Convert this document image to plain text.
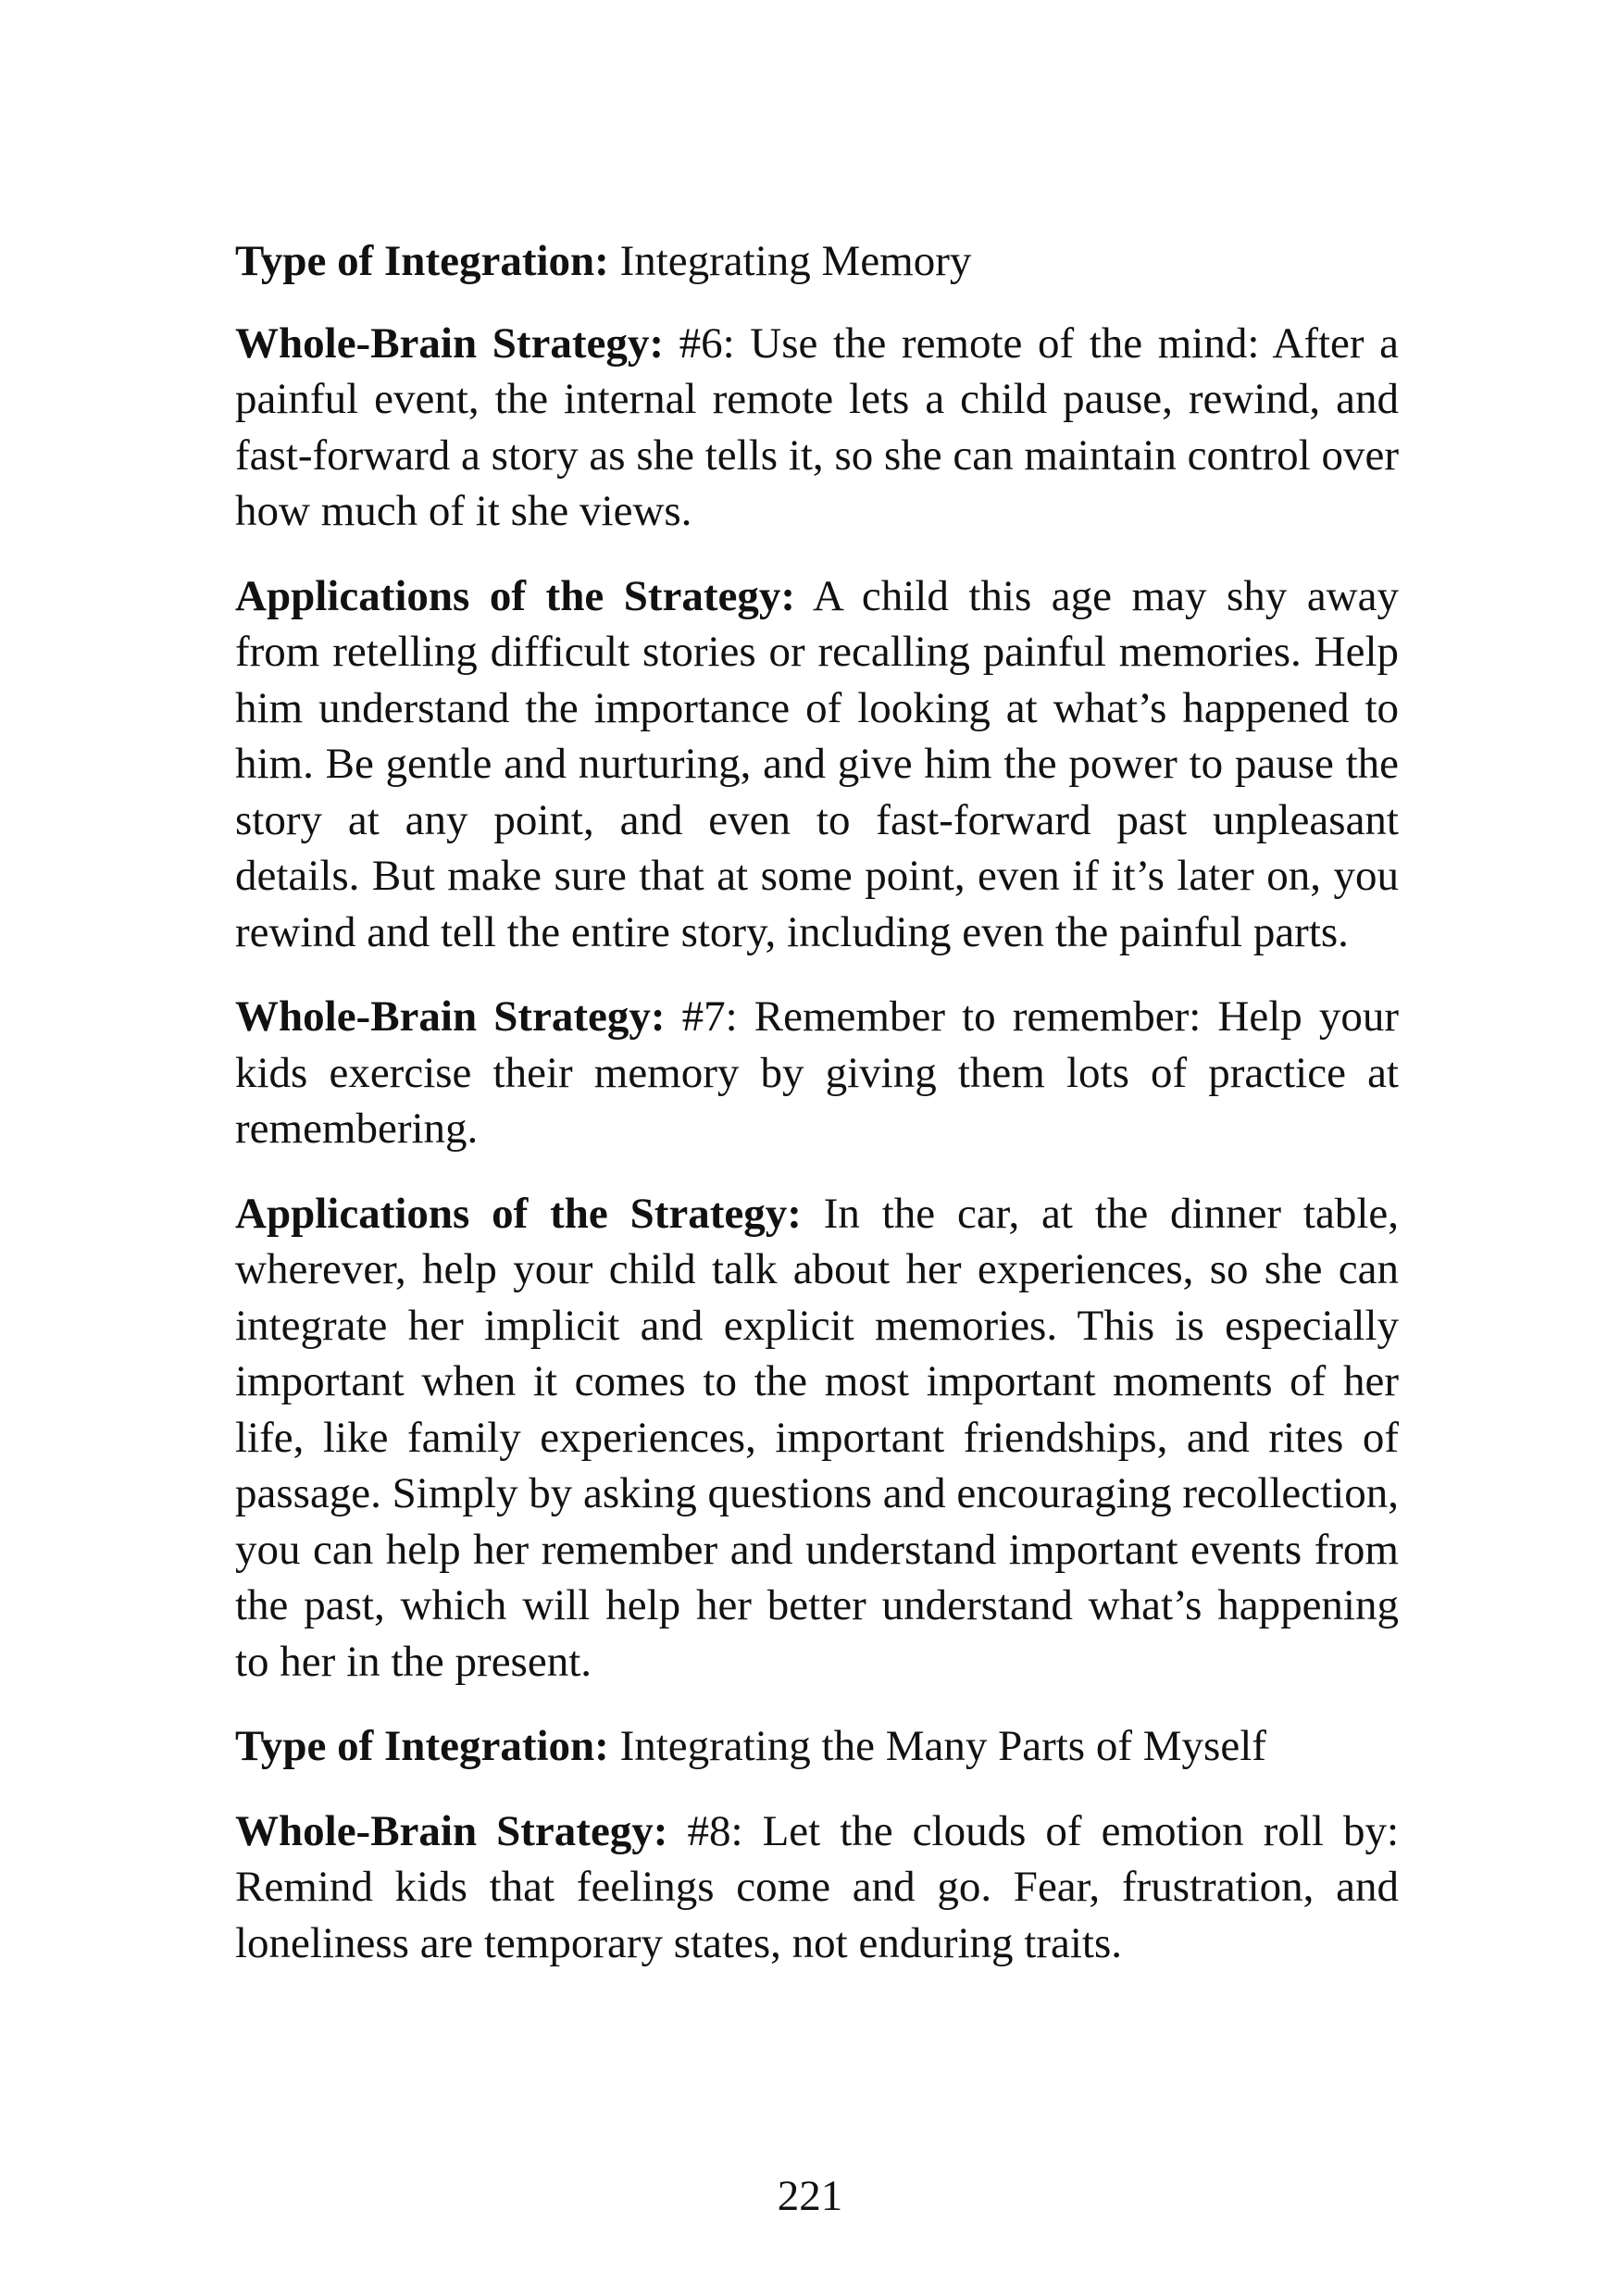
Type of Integration: Integrating Memory

Whole-Brain Strategy: #6: Use the remote of the mind: After a painful event, the internal remote lets a child pause, rewind, and fast-forward a story as she tells it, so she can maintain control over how much of it she views.

Applications of the Strategy: A child this age may shy away from retelling difficult stories or recalling painful memories. Help him understand the importance of looking at what’s happened to him. Be gentle and nurturing, and give him the power to pause the story at any point, and even to fast-forward past unpleasant details. But make sure that at some point, even if it’s later on, you rewind and tell the entire story, including even the painful parts.

Whole-Brain Strategy: #7: Remember to remember: Help your kids exercise their memory by giving them lots of practice at remembering.

Applications of the Strategy: In the car, at the dinner table, wherever, help your child talk about her experiences, so she can integrate her implicit and explicit memories. This is especially important when it comes to the most important moments of her life, like family experiences, important friendships, and rites of passage. Simply by asking questions and encouraging recollection, you can help her remember and understand important events from the past, which will help her better understand what’s happening to her in the present.

Type of Integration: Integrating the Many Parts of Myself

Whole-Brain Strategy: #8: Let the clouds of emotion roll by: Remind kids that feelings come and go. Fear, frustration, and loneliness are temporary states, not enduring traits.

221
